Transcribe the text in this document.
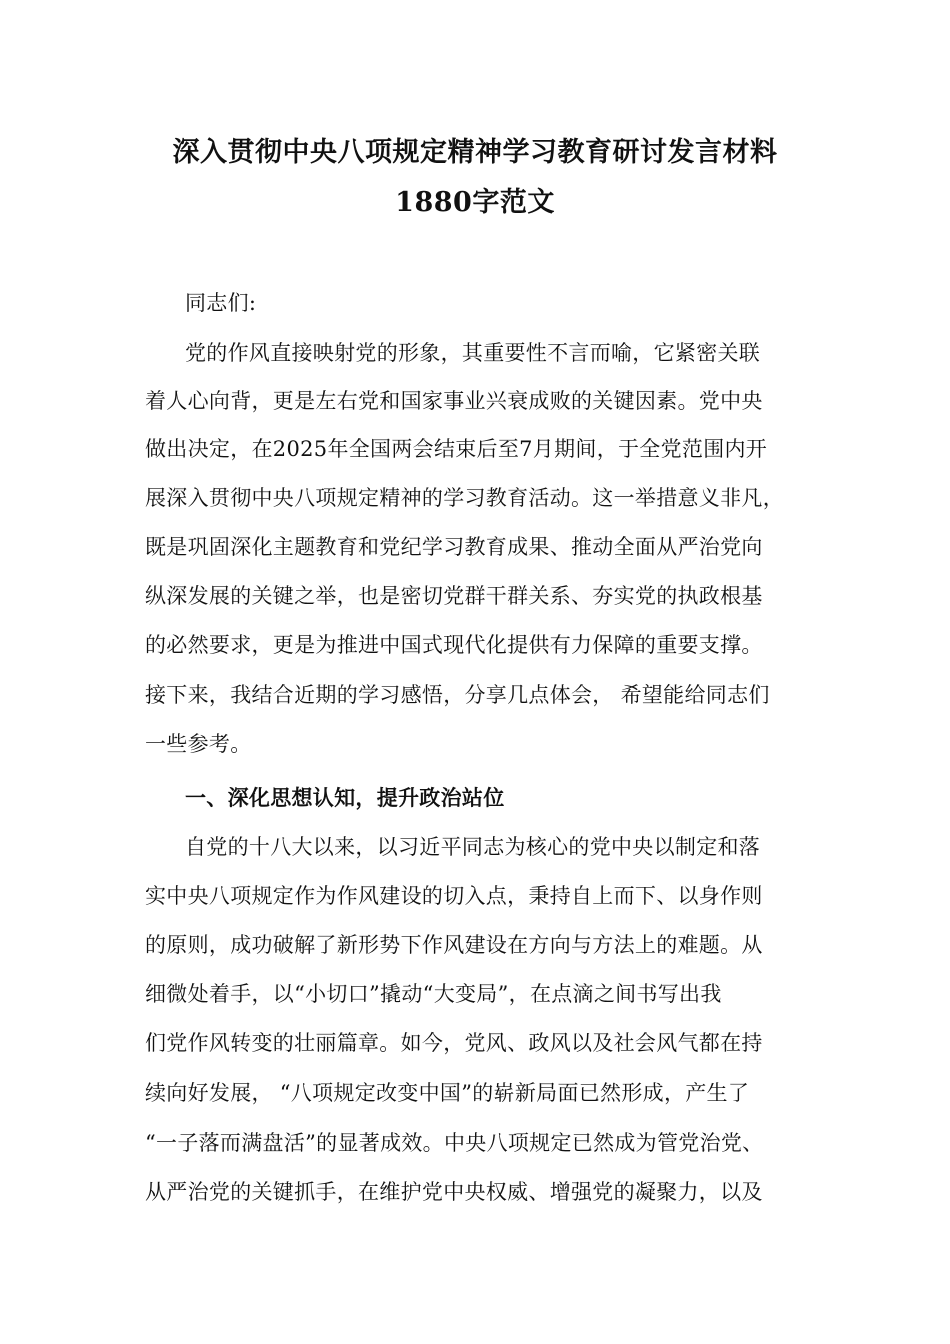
深入贯彻中央八项规定精神学习教育研讨发言材料
1880字范文
同志们:
党的作风直接映射党的形象，其重要性不言而喻，它紧密关联
着人心向背，更是左右党和国家事业兴衰成败的关键因素。党中央
做出决定，在2025年全国两会结束后至7月期间，于全党范围内开
展深入贯彻中央八项规定精神的学习教育活动。这一举措意义非凡，
既是巩固深化主题教育和党纪学习教育成果、推动全面从严治党向
纵深发展的关键之举，也是密切党群干群关系、夯实党的执政根基
的必然要求，更是为推进中国式现代化提供有力保障的重要支撑。
接下来，我结合近期的学习感悟，分享几点体会， 希望能给同志们
一些参考。
一、深化思想认知，提升政治站位
自党的十八大以来，以习近平同志为核心的党中央以制定和落
实中央八项规定作为作风建设的切入点，秉持自上而下、以身作则
的原则，成功破解了新形势下作风建设在方向与方法上的难题。从
细微处着手，以“小切口”撬动“大变局”，在点滴之间书写出我
们党作风转变的壮丽篇章。如今，党风、政风以及社会风气都在持
续向好发展， “八项规定改变中国”的崭新局面已然形成，产生了
“一子落而满盘活”的显著成效。中央八项规定已然成为管党治党、
从严治党的关键抓手，在维护党中央权威、增强党的凝聚力，以及
